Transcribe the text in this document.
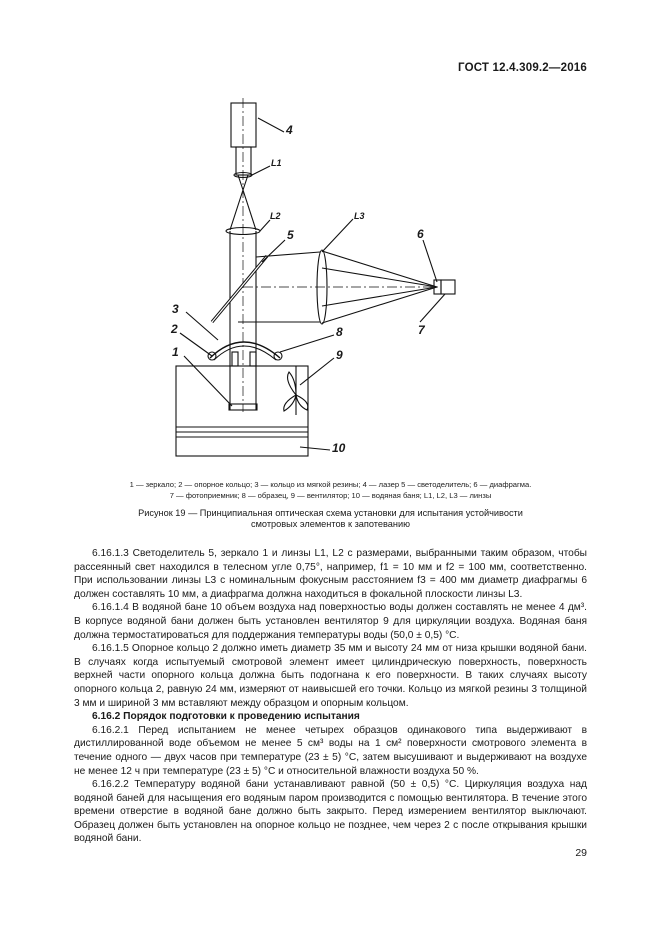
ГОСТ 12.4.309.2—2016
4
L1
L2	L3
5	6
7
3
2	8
1	9
10
1 — зеркало; 2 — опорное кольцо; 3 — кольцо из мягкой резины; 4 — лазер 5 — светоделитель; 6 — диафрагма.
7 — фотоприемник; 8 — образец, 9 — вентилятор; 10 — водяная баня; L1, L2, L3 — линзы
Рисунок 19 — Принципиальная оптическая схема установки для испытания устойчивости
смотровых элементов к запотеванию

6.16.1.3 Светоделитель 5, зеркало 1 и линзы L1, L2 с размерами, выбранными таким образом, чтобы рассеянный свет находился в телесном угле 0,75°, например, f1 = 10 мм и f2 = 100 мм, соответственно. При использовании линзы L3 с номинальным фокусным расстоянием f3 = 400 мм диаметр диафрагмы 6 должен составлять 10 мм, а диафрагма должна находиться в фокальной плоскости линзы L3.

6.16.1.4 В водяной бане 10 объем воздуха над поверхностью воды должен составлять не менее 4 дм³. В корпусе водяной бани должен быть установлен вентилятор 9 для циркуляции воздуха. Водяная баня должна термостатироваться для поддержания температуры воды (50,0 ± 0,5) °С.

6.16.1.5 Опорное кольцо 2 должно иметь диаметр 35 мм и высоту 24 мм от низа крышки водяной бани. В случаях когда испытуемый смотровой элемент имеет цилиндрическую поверхность, поверхность верхней части опорного кольца должна быть подогнана к его поверхности. В таких случаях высоту опорного кольца 2, равную 24 мм, измеряют от наивысшей его точки. Кольцо из мягкой резины 3 толщиной 3 мм и шириной 3 мм вставляют между образцом и опорным кольцом.

6.16.2 Порядок подготовки к проведению испытания

6.16.2.1 Перед испытанием не менее четырех образцов одинакового типа выдерживают в дистиллированной воде объемом не менее 5 см³ воды на 1 см² поверхности смотрового элемента в течение одного — двух часов при температуре (23 ± 5) °С, затем высушивают и выдерживают на воздухе не менее 12 ч при температуре (23 ± 5) °С и относительной влажности воздуха 50 %.

6.16.2.2 Температуру водяной бани устанавливают равной (50 ± 0,5) °С. Циркуляция воздуха над водяной баней для насыщения его водяным паром производится с помощью вентилятора. В течение этого времени отверстие в водяной бане должно быть закрыто. Перед измерением вентилятор выключают. Образец должен быть установлен на опорное кольцо не позднее, чем через 2 с после открывания крышки водяной бани.

29
